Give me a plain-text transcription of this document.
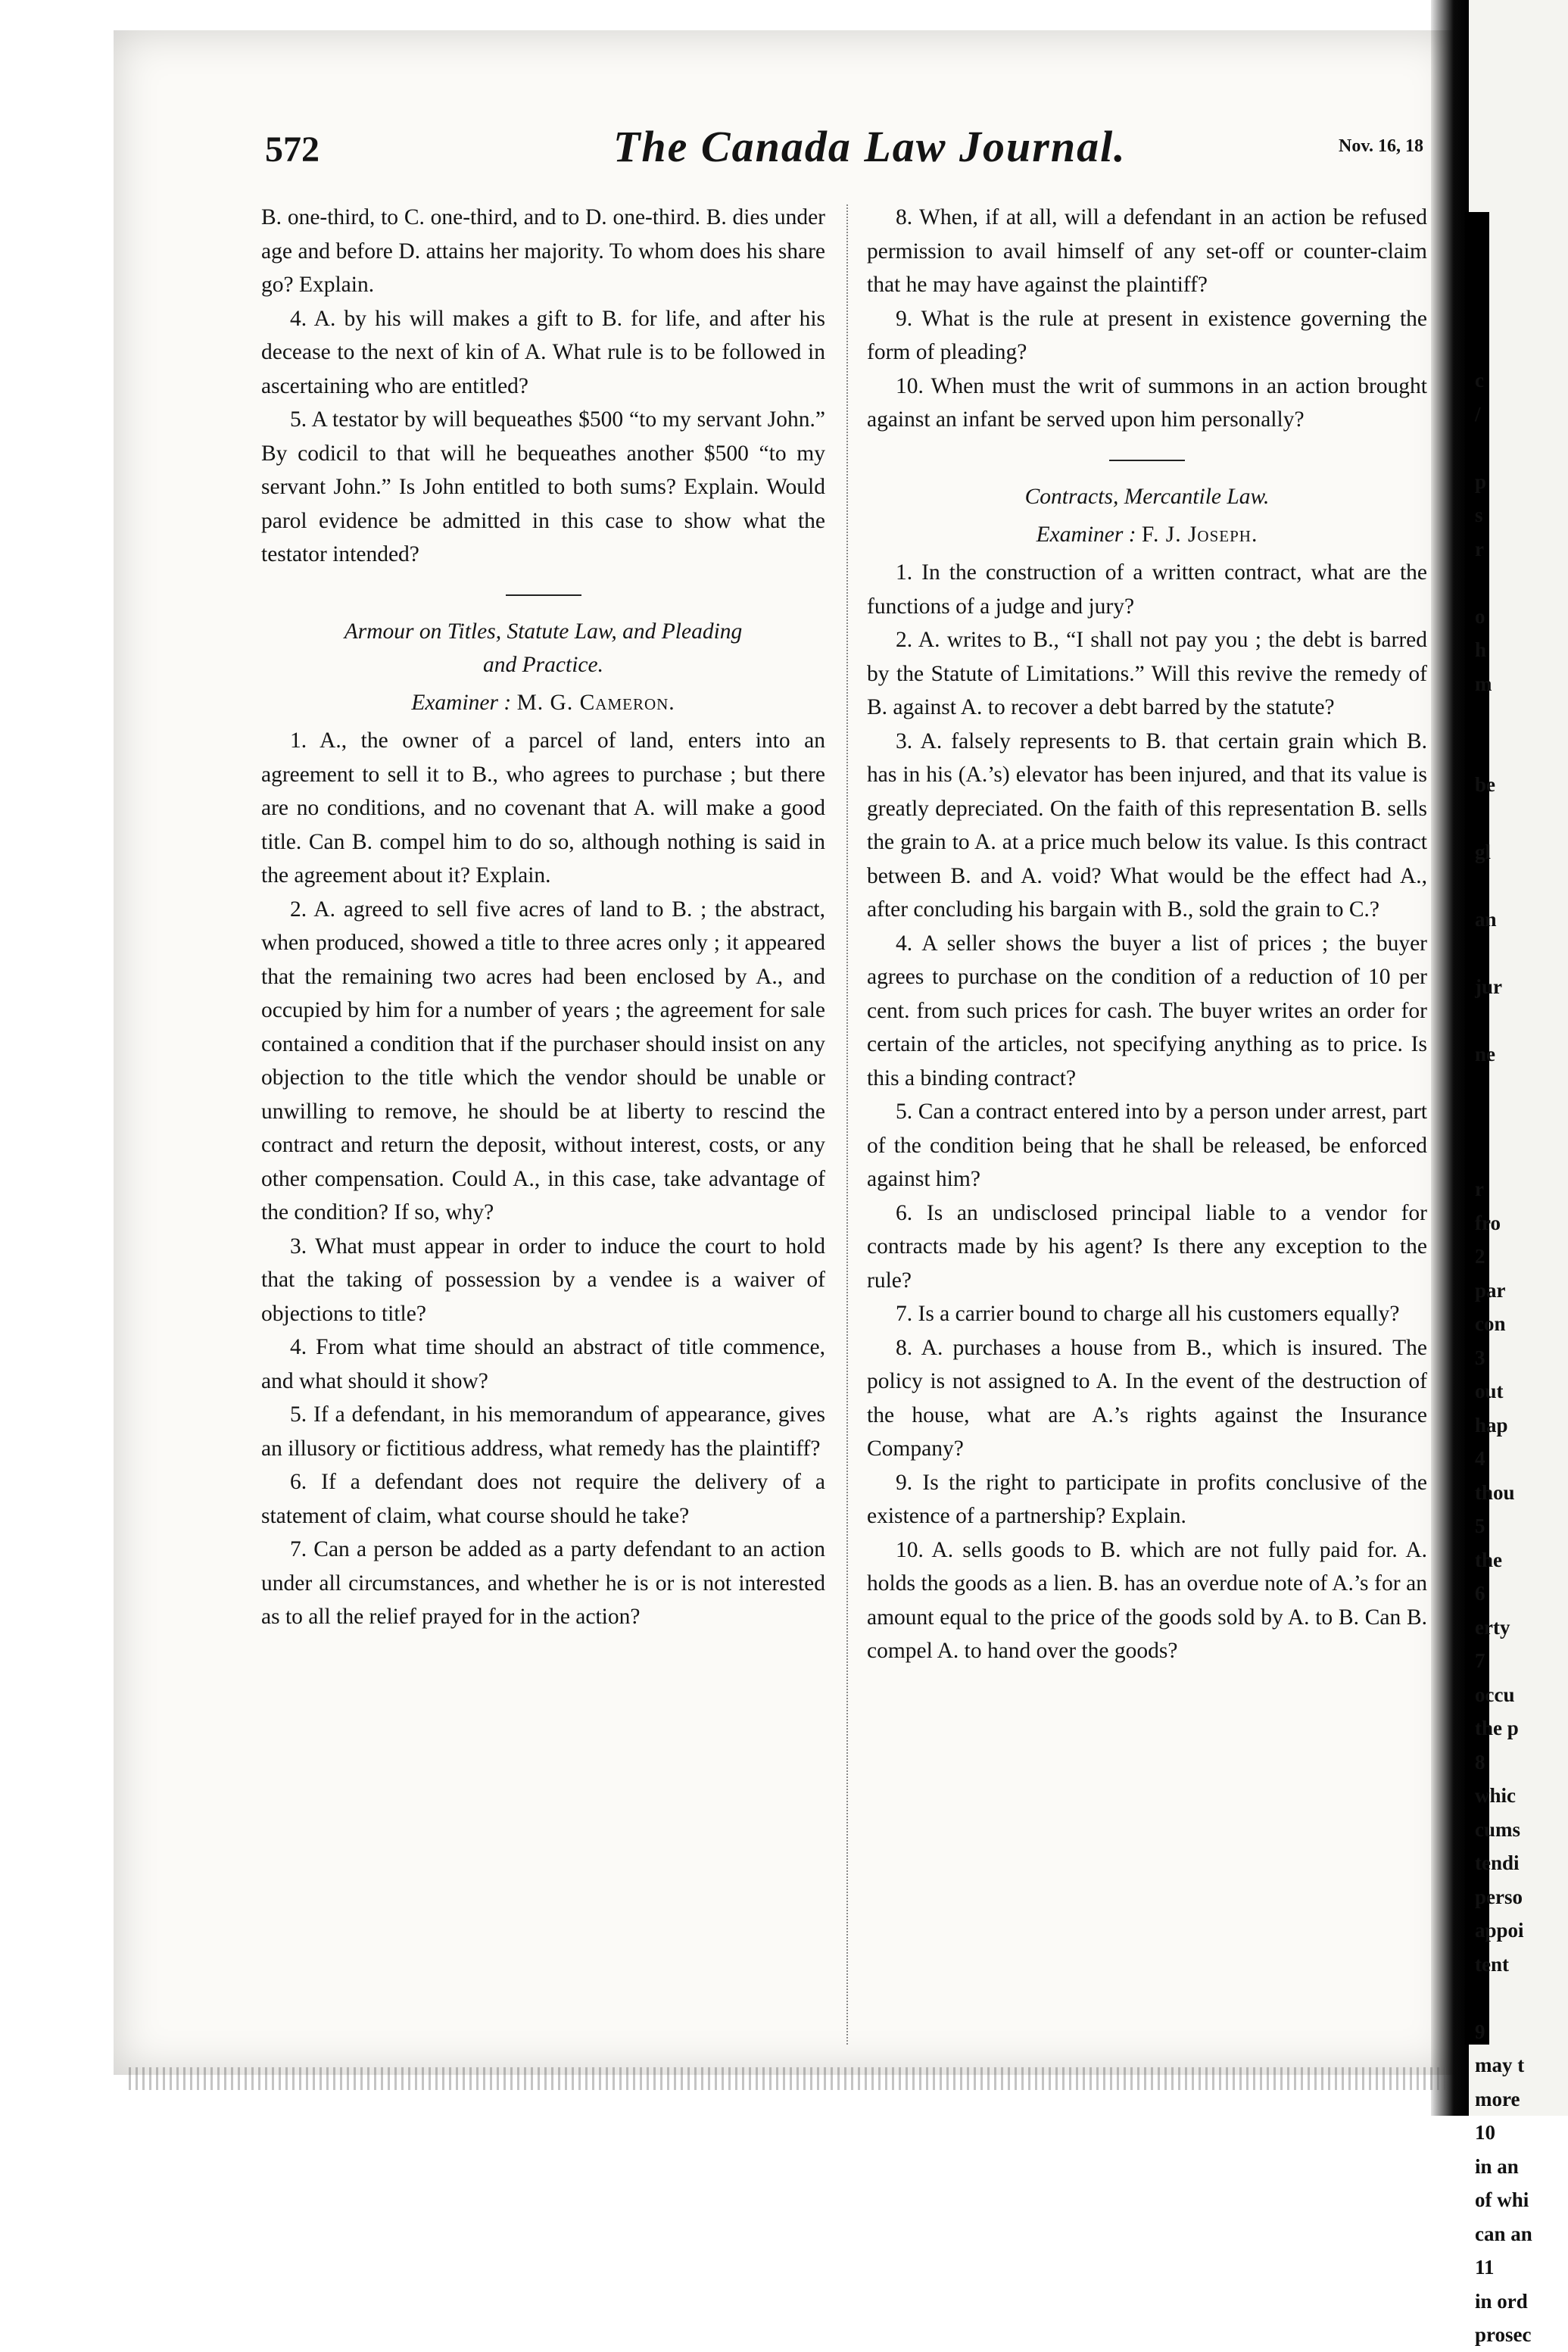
572	The Canada Law Journal.	Nov. 16, 18

B. one-third, to C. one-third, and to D. one-third. B. dies under age and before D. attains her majority. To whom does his share go? Explain.

4. A. by his will makes a gift to B. for life, and after his decease to the next of kin of A. What rule is to be followed in ascertaining who are entitled?

5. A testator by will bequeathes $500 “to my servant John.” By codicil to that will he bequeathes another $500 “to my servant John.” Is John entitled to both sums? Explain. Would parol evidence be admitted in this case to show what the testator intended?

Armour on Titles, Statute Law, and Pleading
and Practice.
Examiner : M. G. Cameron.

1. A., the owner of a parcel of land, enters into an agreement to sell it to B., who agrees to purchase ; but there are no conditions, and no covenant that A. will make a good title. Can B. compel him to do so, although nothing is said in the agreement about it? Explain.

2. A. agreed to sell five acres of land to B. ; the abstract, when produced, showed a title to three acres only ; it appeared that the remaining two acres had been enclosed by A., and occupied by him for a number of years ; the agreement for sale contained a condition that if the purchaser should insist on any objection to the title which the vendor should be unable or unwilling to remove, he should be at liberty to rescind the contract and return the deposit, without interest, costs, or any other compensation. Could A., in this case, take advantage of the condition? If so, why?

3. What must appear in order to induce the court to hold that the taking of possession by a vendee is a waiver of objections to title?

4. From what time should an abstract of title commence, and what should it show?

5. If a defendant, in his memorandum of appearance, gives an illusory or fictitious address, what remedy has the plaintiff?

6. If a defendant does not require the delivery of a statement of claim, what course should he take?

7. Can a person be added as a party defendant to an action under all circumstances, and whether he is or is not interested as to all the relief prayed for in the action?

8. When, if at all, will a defendant in an action be refused permission to avail himself of any set-off or counter-claim that he may have against the plaintiff?

9. What is the rule at present in existence governing the form of pleading?

10. When must the writ of summons in an action brought against an infant be served upon him personally?

Contracts, Mercantile Law.
Examiner : F. J. Joseph.

1. In the construction of a written contract, what are the functions of a judge and jury?

2. A. writes to B., “I shall not pay you ; the debt is barred by the Statute of Limitations.” Will this revive the remedy of B. against A. to recover a debt barred by the statute?

3. A. falsely represents to B. that certain grain which B. has in his (A.’s) elevator has been injured, and that its value is greatly depreciated. On the faith of this representation B. sells the grain to A. at a price much below its value. Is this contract between B. and A. void? What would be the effect had A., after concluding his bargain with B., sold the grain to C.?

4. A seller shows the buyer a list of prices ; the buyer agrees to purchase on the condition of a reduction of 10 per cent. from such prices for cash. The buyer writes an order for certain of the articles, not specifying anything as to price. Is this a binding contract?

5. Can a contract entered into by a person under arrest, part of the condition being that he shall be released, be enforced against him?

6. Is an undisclosed principal liable to a vendor for contracts made by his agent? Is there any exception to the rule?

7. Is a carrier bound to charge all his customers equally?

8. A. purchases a house from B., which is insured. The policy is not assigned to A. In the event of the destruction of the house, what are A.’s rights against the Insurance Company?

9. Is the right to participate in profits conclusive of the existence of a partnership? Explain.

10. A. sells goods to B. which are not fully paid for. A. holds the goods as a lien. B. has an overdue note of A.’s for an amount equal to the price of the goods sold by A. to B. Can B. compel A. to hand over the goods?

c
/
p
s
r
o
h
m
be
gl
an
jur
ne
r
fro
2
par
con
3
out
hap
4
thou
5
the
6
erty
7
occu
the p
8
whic
cums
tendi
perso
appoi
tent
9
may t
more
10
in an
of whi
can an
11
in ord
prosec
